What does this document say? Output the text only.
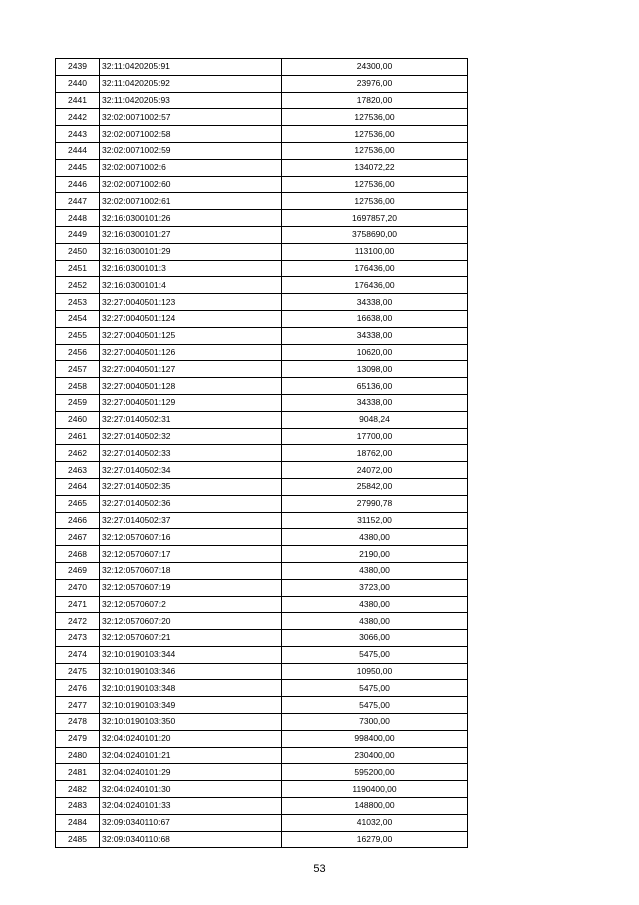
2439	32:11:0420205:91	24300,00
2440	32:11:0420205:92	23976,00
2441	32:11:0420205:93	17820,00
2442	32:02:0071002:57	127536,00
2443	32:02:0071002:58	127536,00
2444	32:02:0071002:59	127536,00
2445	32:02:0071002:6	134072,22
2446	32:02:0071002:60	127536,00
2447	32:02:0071002:61	127536,00
2448	32:16:0300101:26	1697857,20
2449	32:16:0300101:27	3758690,00
2450	32:16:0300101:29	113100,00
2451	32:16:0300101:3	176436,00
2452	32:16:0300101:4	176436,00
2453	32:27:0040501:123	34338,00
2454	32:27:0040501:124	16638,00
2455	32:27:0040501:125	34338,00
2456	32:27:0040501:126	10620,00
2457	32:27:0040501:127	13098,00
2458	32:27:0040501:128	65136,00
2459	32:27:0040501:129	34338,00
2460	32:27:0140502:31	9048,24
2461	32:27:0140502:32	17700,00
2462	32:27:0140502:33	18762,00
2463	32:27:0140502:34	24072,00
2464	32:27:0140502:35	25842,00
2465	32:27:0140502:36	27990,78
2466	32:27:0140502:37	31152,00
2467	32:12:0570607:16	4380,00
2468	32:12:0570607:17	2190,00
2469	32:12:0570607:18	4380,00
2470	32:12:0570607:19	3723,00
2471	32:12:0570607:2	4380,00
2472	32:12:0570607:20	4380,00
2473	32:12:0570607:21	3066,00
2474	32:10:0190103:344	5475,00
2475	32:10:0190103:346	10950,00
2476	32:10:0190103:348	5475,00
2477	32:10:0190103:349	5475,00
2478	32:10:0190103:350	7300,00
2479	32:04:0240101:20	998400,00
2480	32:04:0240101:21	230400,00
2481	32:04:0240101:29	595200,00
2482	32:04:0240101:30	1190400,00
2483	32:04:0240101:33	148800,00
2484	32:09:0340110:67	41032,00
2485	32:09:0340110:68	16279,00
53
